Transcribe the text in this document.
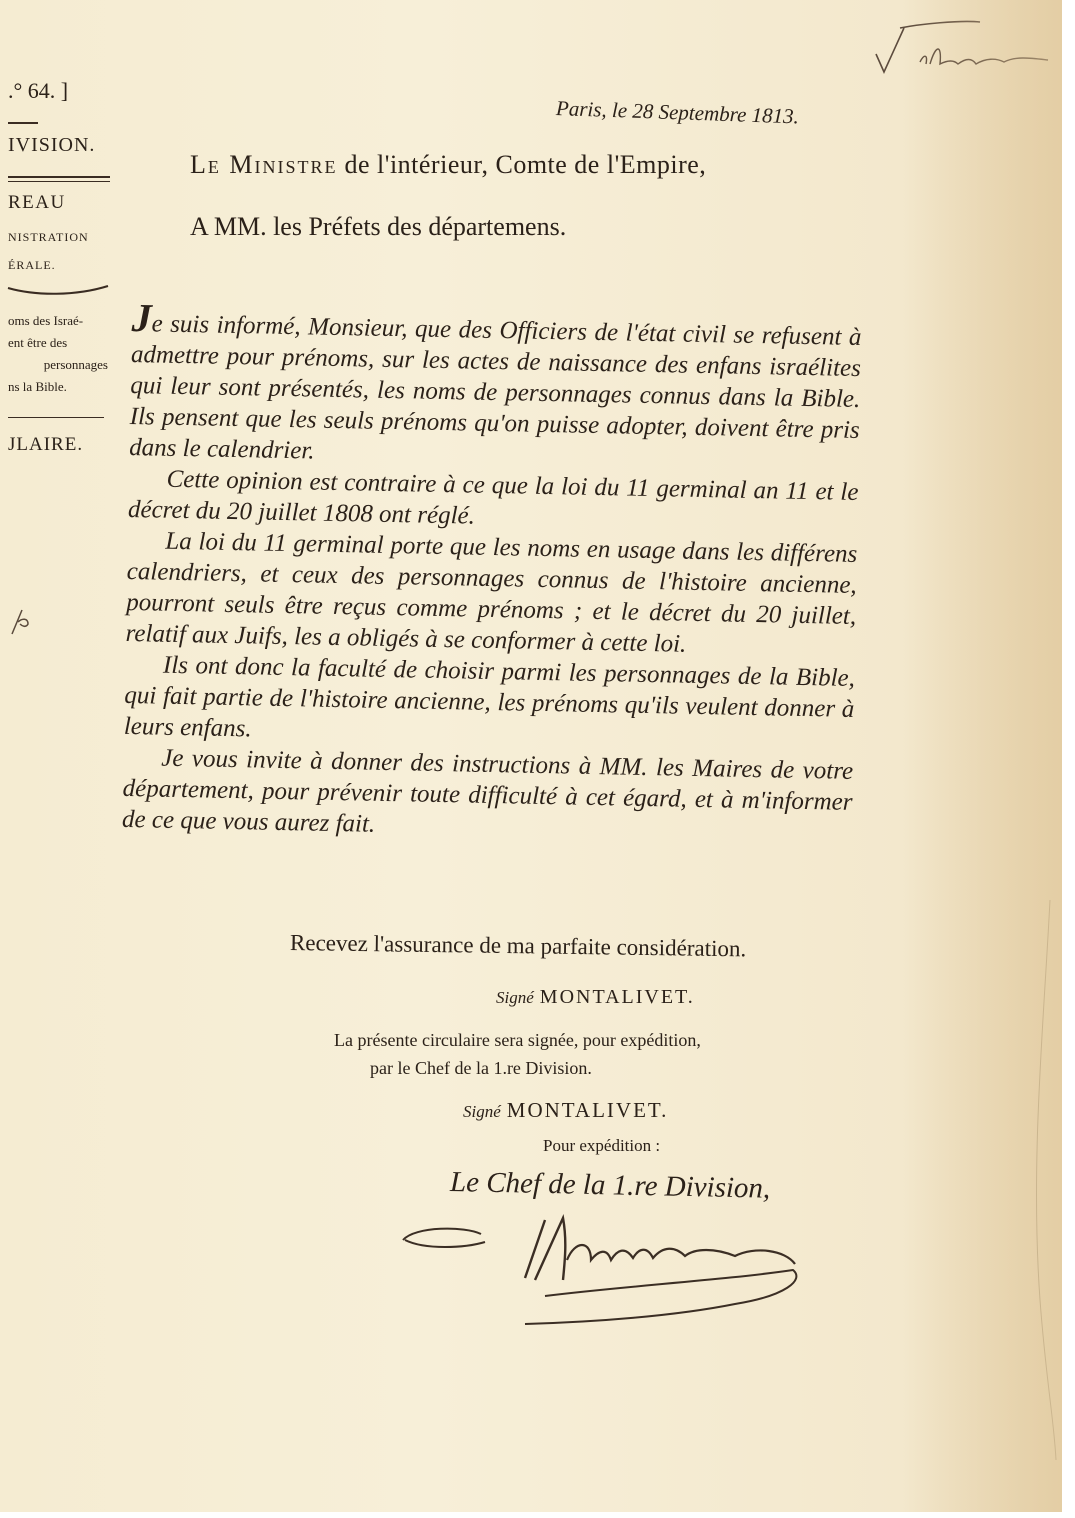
.° 64. ]
IVISION.
REAU
NISTRATION
ÉRALE.
oms des Israé-
ent être des
personnages
ns la Bible.
JLAIRE.
Paris, le 28 Septembre 1813.
Le Ministre de l'intérieur, Comte de l'Empire,
A MM. les Préfets des départemens.

Je suis informé, Monsieur, que des Officiers de l'état civil se refusent à admettre pour prénoms, sur les actes de naissance des enfans israélites qui leur sont présentés, les noms de personnages connus dans la Bible. Ils pensent que les seuls prénoms qu'on puisse adopter, doivent être pris dans le calendrier.

Cette opinion est contraire à ce que la loi du 11 germinal an 11 et le décret du 20 juillet 1808 ont réglé.

La loi du 11 germinal porte que les noms en usage dans les différens calendriers, et ceux des personnages connus de l'histoire ancienne, pourront seuls être reçus comme prénoms ; et le décret du 20 juillet, relatif aux Juifs, les a obligés à se conformer à cette loi.

Ils ont donc la faculté de choisir parmi les personnages de la Bible, qui fait partie de l'histoire ancienne, les prénoms qu'ils veulent donner à leurs enfans.

Je vous invite à donner des instructions à MM. les Maires de votre département, pour prévenir toute difficulté à cet égard, et à m'informer de ce que vous aurez fait.

Recevez l'assurance de ma parfaite considération.
Signé MONTALIVET.
La présente circulaire sera signée, pour expédition,
par le Chef de la 1.re Division.
Signé MONTALIVET.
Pour expédition :
Le Chef de la 1.re Division,
